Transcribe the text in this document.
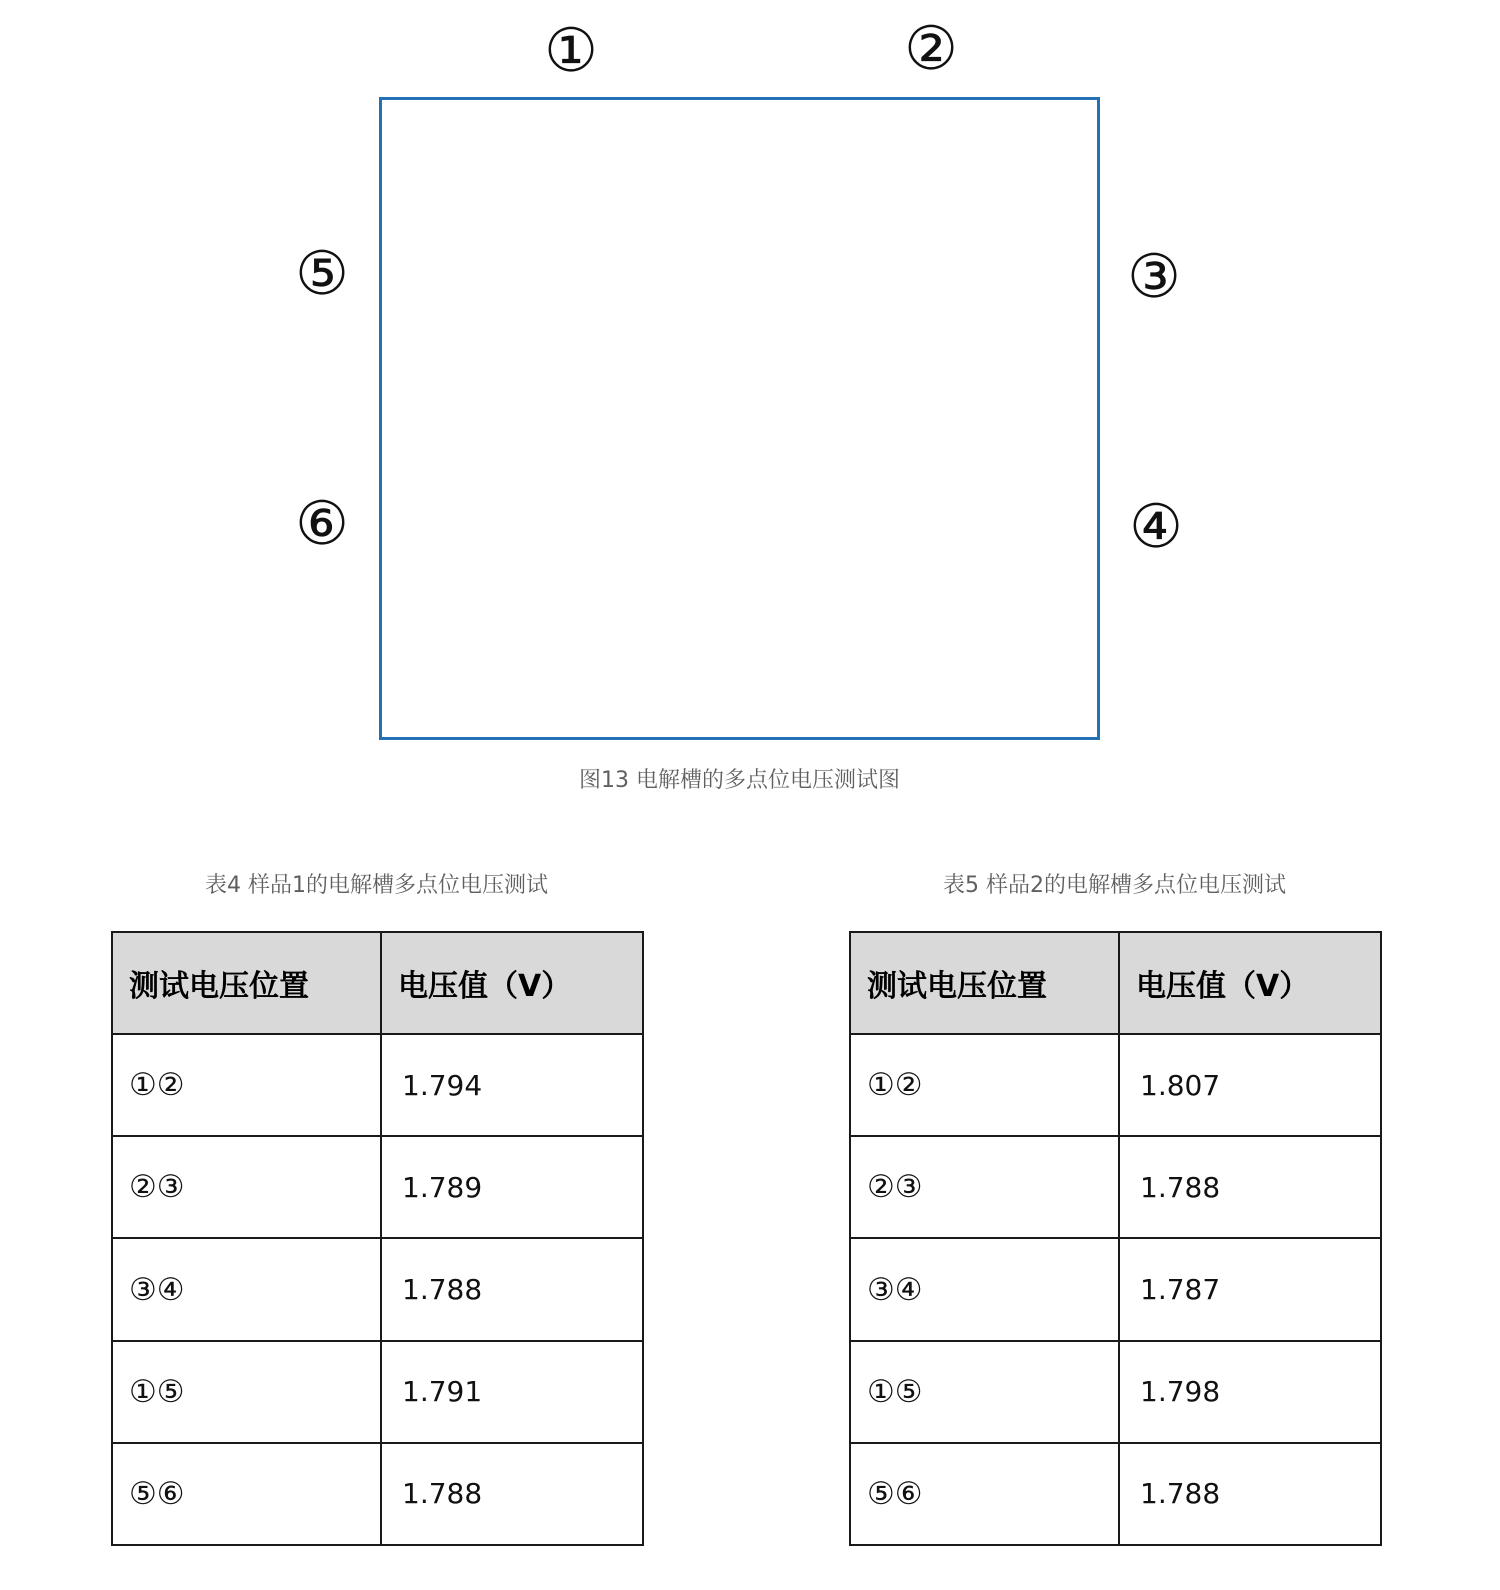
①	②
③
④
⑤
⑥
图13 电解槽的多点位电压测试图
表4 样品1的电解槽多点位电压测试	表5 样品2的电解槽多点位电压测试
测试电压位置	电压值（V）
①②	1.794
②③	1.789
③④	1.788
①⑤	1.791
⑤⑥	1.788
测试电压位置	电压值（V）
①②	1.807
②③	1.788
③④	1.787
①⑤	1.798
⑤⑥	1.788
